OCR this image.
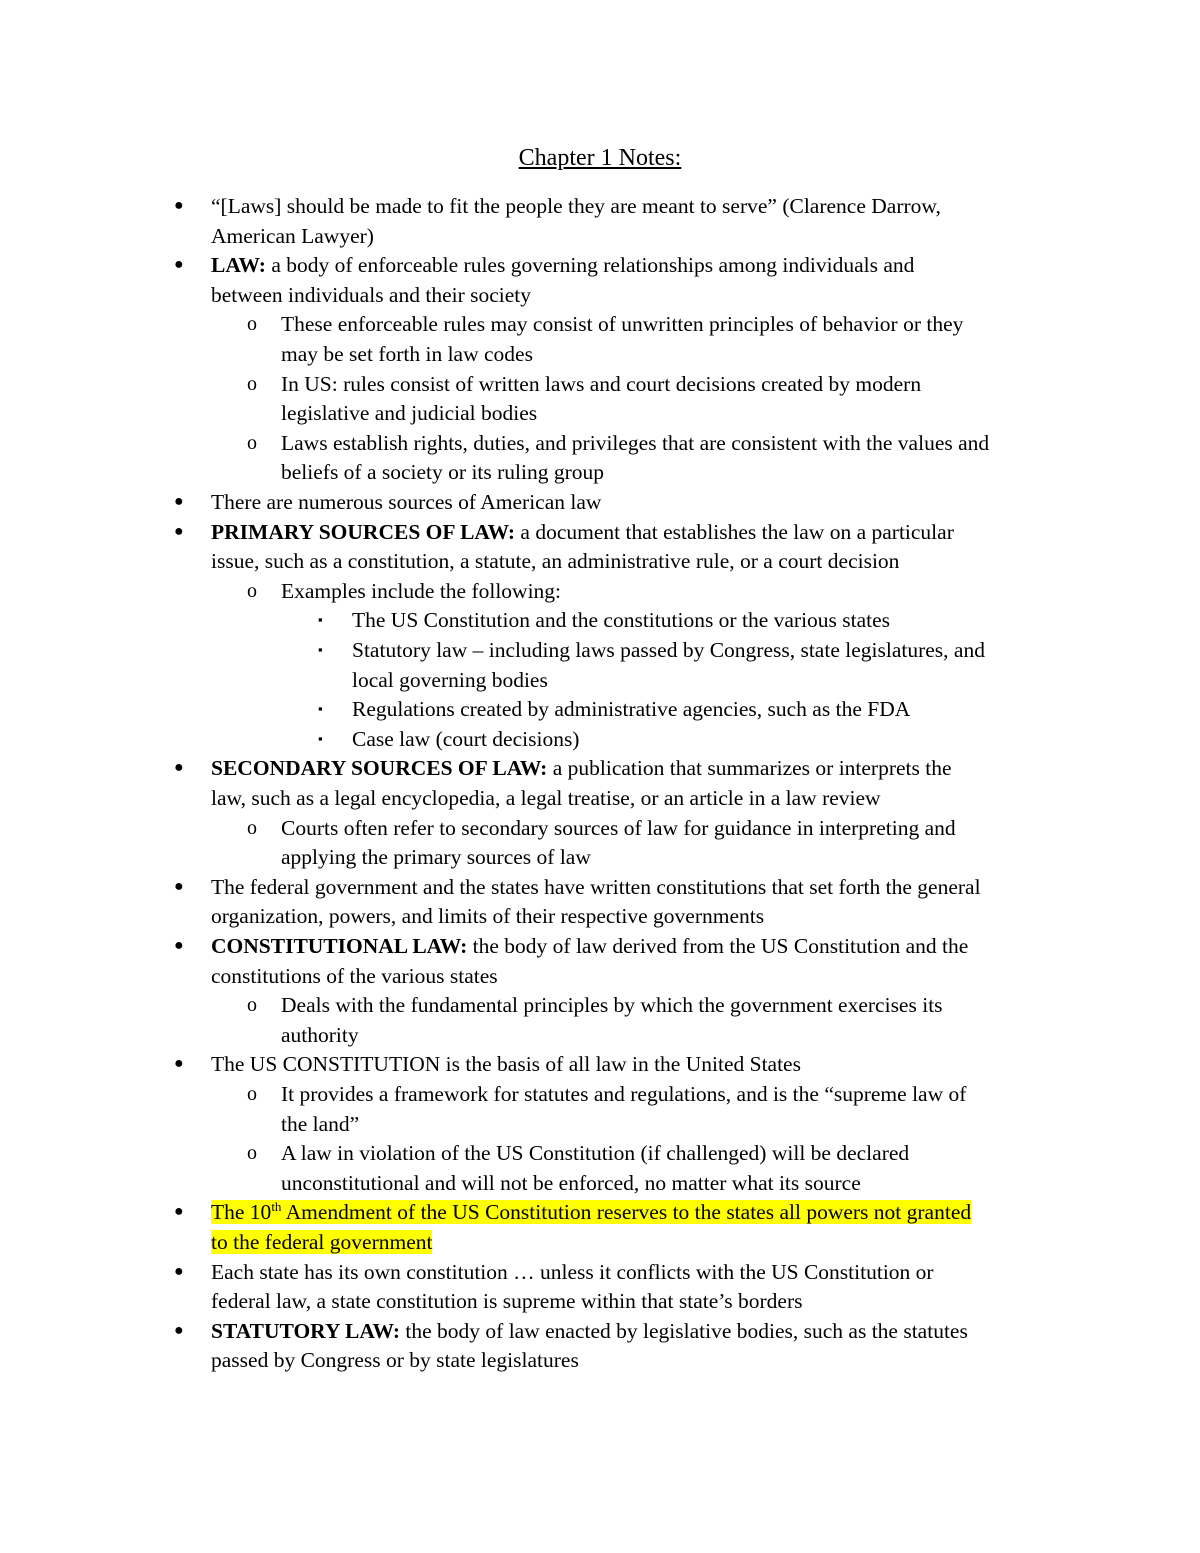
Chapter 1 Notes:
● “[Laws] should be made to fit the people they are meant to serve” (Clarence Darrow,
American Lawyer)
● LAW: a body of enforceable rules governing relationships among individuals and
between individuals and their society
o These enforceable rules may consist of unwritten principles of behavior or they
may be set forth in law codes
o In US: rules consist of written laws and court decisions created by modern
legislative and judicial bodies
o Laws establish rights, duties, and privileges that are consistent with the values and
beliefs of a society or its ruling group
● There are numerous sources of American law
● PRIMARY SOURCES OF LAW: a document that establishes the law on a particular
issue, such as a constitution, a statute, an administrative rule, or a court decision
o Examples include the following:
▪ The US Constitution and the constitutions or the various states
▪ Statutory law – including laws passed by Congress, state legislatures, and
local governing bodies
▪ Regulations created by administrative agencies, such as the FDA
▪ Case law (court decisions)
● SECONDARY SOURCES OF LAW: a publication that summarizes or interprets the
law, such as a legal encyclopedia, a legal treatise, or an article in a law review
o Courts often refer to secondary sources of law for guidance in interpreting and
applying the primary sources of law
● The federal government and the states have written constitutions that set forth the general
organization, powers, and limits of their respective governments
● CONSTITUTIONAL LAW: the body of law derived from the US Constitution and the
constitutions of the various states
o Deals with the fundamental principles by which the government exercises its
authority
● The US CONSTITUTION is the basis of all law in the United States
o It provides a framework for statutes and regulations, and is the “supreme law of
the land”
o A law in violation of the US Constitution (if challenged) will be declared
unconstitutional and will not be enforced, no matter what its source
● The 10th Amendment of the US Constitution reserves to the states all powers not granted
to the federal government
● Each state has its own constitution … unless it conflicts with the US Constitution or
federal law, a state constitution is supreme within that state’s borders
● STATUTORY LAW: the body of law enacted by legislative bodies, such as the statutes
passed by Congress or by state legislatures
